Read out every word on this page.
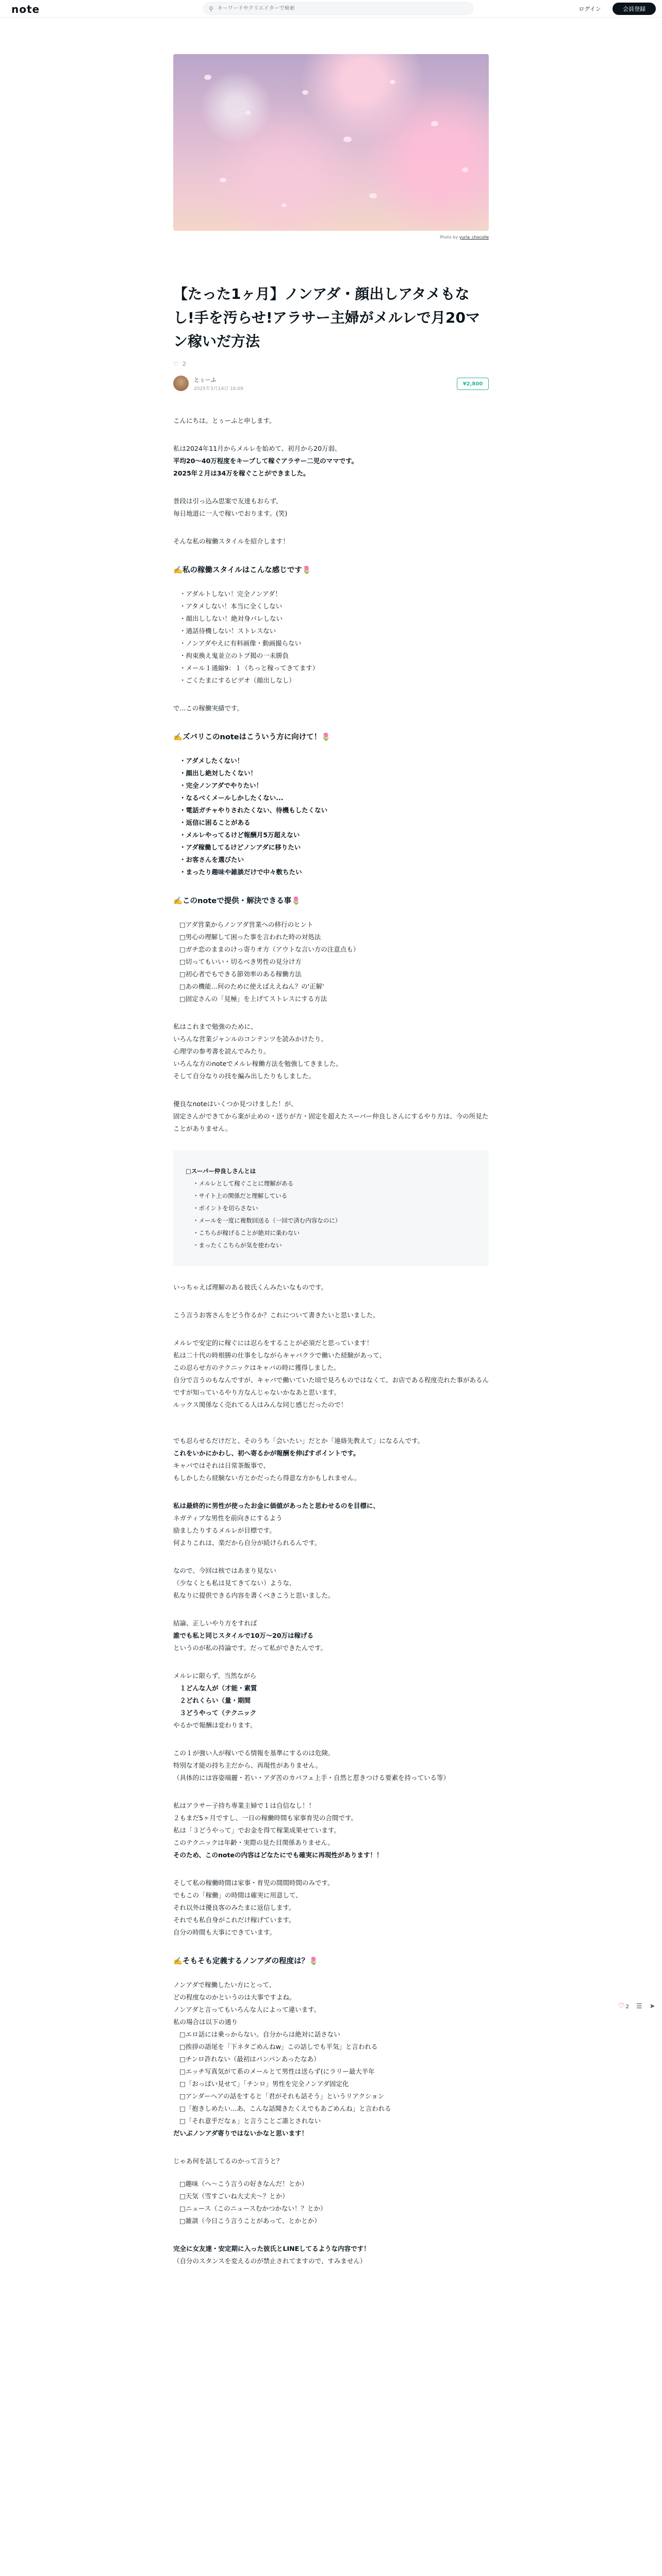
note	⚲
キーワードやクリエイターで検索	ログイン	会員登録
♡ 2 ☰ ➤
Photo by yuria_chocolle
【たった1ヶ月】ノンアダ・顔出しアタメもなし!手を汚らせ!アラサー主婦がメルレで月20マン稼いだ方法
♡ 2
とぅーふ
2025年3月14日 16:09
¥2,800

こんにちは。とぅーふと申します。

私は2024年11月からメルレを始めて、初月から20万弱、

平均20〜40万程度をキープして稼ぐアラサー二児のママです。

2025年２月は34万を稼ぐことができました。

普段は引っ込み思案で友達もおらず、

毎日地道に一人で稼いでおります。(笑)

そんな私の稼働スタイルを紹介します！

✍️私の稼働スタイルはこんな感じです🌷

・アダルトしない！完全ノンアダ！

・アタメしない！本当に全くしない

・顔出ししない！絶対身バレしない

・通話待機しない！ストレスない

・ノンアダやえに有料画像・動画撮らない

・拘束換え鬼並立のトプ掲の一未勝負

・メール１通縮9：１（ちっと稼ってきてます）

・ごくたまにするビデオ（顔出しなし）

で...この稼働実績です。

✍️ズバリこのnoteはこういう方に向けて！🌷

・アダメしたくない！

・顔出し絶対したくない！

・完全ノンアダでやりたい！

・なるべくメールしかしたくない...

・電話ガチャやりされたくない、待機もしたくない

・返信に困ることがある

・メルレやってるけど報酬月5万超えない

・アダ稼働してるけどノンアダに移りたい

・お客さんを選びたい

・まったり趣味や雑談だけで中々敷ちたい

✍️このnoteで提供・解決できる事🌷

□アダ営業からノンアダ営業への移行のヒント

□男心の理解して困った事を言われた時の対処法

□ガチ恋のままのけっ寄りオ方（アウトな言い方の注意点も）

□切ってもいい・切るべき男性の見分け方

□初心者でもできる節効率のある稼働方法

□あの機能...何のために使えばええねん？の'正解'

□固定さんの「見極」を上げてストレスにする方法

私はこれまで勉強のために、

いろんな営業ジャンルのコンテンツを読みかけたり、

心理学の参考書を読んでみたり。

いろんな方のnoteでメルレ稼働方法を勉強してきました。

そして自分なりの技を編み出したりもしました。

優良なnoteはいくつか見つけました！が、

固定さんができてから案が止めの・送りが方・固定を超えたスーパー仲良しさんにするやり方は、今の所見たことがありません。

□スーパー仲良しさんとは

・メルレとして稼ぐことに理解がある

・サイト上の関係だと理解している

・ポイントを切らさない

・メールを一度に複数回送る（一回で済む内容なのに）

・こちらが稼げることが絶対に楽わない

・まったくこちらが気を使わない

いっちゃえば理解のある彼氏くんみたいなものです。

こう言うお客さんをどう作るか？これについて書きたいと思いました。

メルレで安定的に稼ぐには忍らをすることが必須だと思っています！

私は二十代の時根勝の仕事をしながらキャバクラで働いた経験があって、

この忍らせ方のテクニックはキャバの時に獲得しました。

自分で言うのもなんですが、キャバで働いていた頃で見ろものではなくて、お店である程度売れた事があるんですが知っているやり方なんじゃないかなあと思います。

ルックス関係なく売れてる人はみんな同じ感じだったので！

でも忍らせるだけだと、そのうち「会いたい」だとか「連絡先教えて」になるんです。

これをいかにかわし、初へ寄るかが報酬を伸ばすポイントです。

キャバではそれは日常茶飯事で、

もしかしたら経験ない方とかだったら得意な方かもしれません。

私は最終的に男性が使ったお金に価値があったと思わせるのを目標に、

ネガティブな男性を前向きにするよう

励ましたりするメルレが目標です。

何よりこれは、楽だから自分が続けられるんです。

なので、今回は核ではあまり見ない

（少なくとも私は見てきてない）ような、

私なりに提供できる内容を書くべきこうと思いました。

結論、正しいやり方をすれば

誰でも私と同じスタイルで10万〜20万は稼げる

というのが私の持論です。だって私ができたんです。

メルレに限らず、当然ながら

　１どんな人が（才能・素質

　２どれくらい（量・期間

　３どうやって（テクニック

やるかで報酬は変わります。

この１が強い人が稼いでる情報を基準にするのは危険。

特別な才能の持ち主だから、再現性がありません。

（具体的には容姿端麗・若い・アダ苦のカバフェ上手・自然と惹きつける要素を持っている等）

私はアラサー子持ち専業主婦で１は自信なし！！

２もまだ5ヶ月ですし、一日の稼働時間も家事育児の合間です。

私は「３どうやって」でお金を得て稼業成果せています。

このテクニックは年齢・実際の見た目関係ありません。

そのため、このnoteの内容はどなたにでも確実に再現性があります！！

そして私の稼働時間は家事・育児の間間時間のみです。

でもこの「稼働」の時間は確実に用意して、

それ以外は優良客のみたまに返信します。

それでも私自身がこれだけ稼げています。

自分の時間も大事にできています。

✍️そもそも定義するノンアダの程度は？🌷

ノンアダで稼働したい方にとって、

どの程度なのかというのは大事ですよね。

ノンアダと言ってもいろんな人によって違います。

私の場合は以下の通り

□エロ話には乗っからない。自分からは絶対に話さない

□挨拶の語尾を「下ネタごめんねw」この話しでも平気」と言われる

□チンロ許れない（最初はパンパンあったなあ）

□エッチ写真気がて系のメールとて男性は送らず(にラリー最大半年

□「おっぱい見せて」「チンロ」男性を完全ノンアダ固定化

□アンダーへアの話をすると「君がそれも話そう」というリアクション

□「抱きしめたい...あ、こんな話聞きたくえでもあごめんね」と言われる

□「それ意乎だなぁ」と言うことご誰とされない

だいぶノンアダ寄りではないかなと思います！

じゃあ何を話してるのかって言うと？

□趣味（へ〜こう言うの好きなんだ！とか）

□天気（雪すごいね大丈夫〜？とか）

□ニュース（このニュースむかつかない！？とか）

□雑談（今日こう言うことがあって、とかとか）

完全に女友達・安定期に入った彼氏とLINEしてるような内容です！

（自分のスタンスを変えるのが禁止されてますので、すみません）
